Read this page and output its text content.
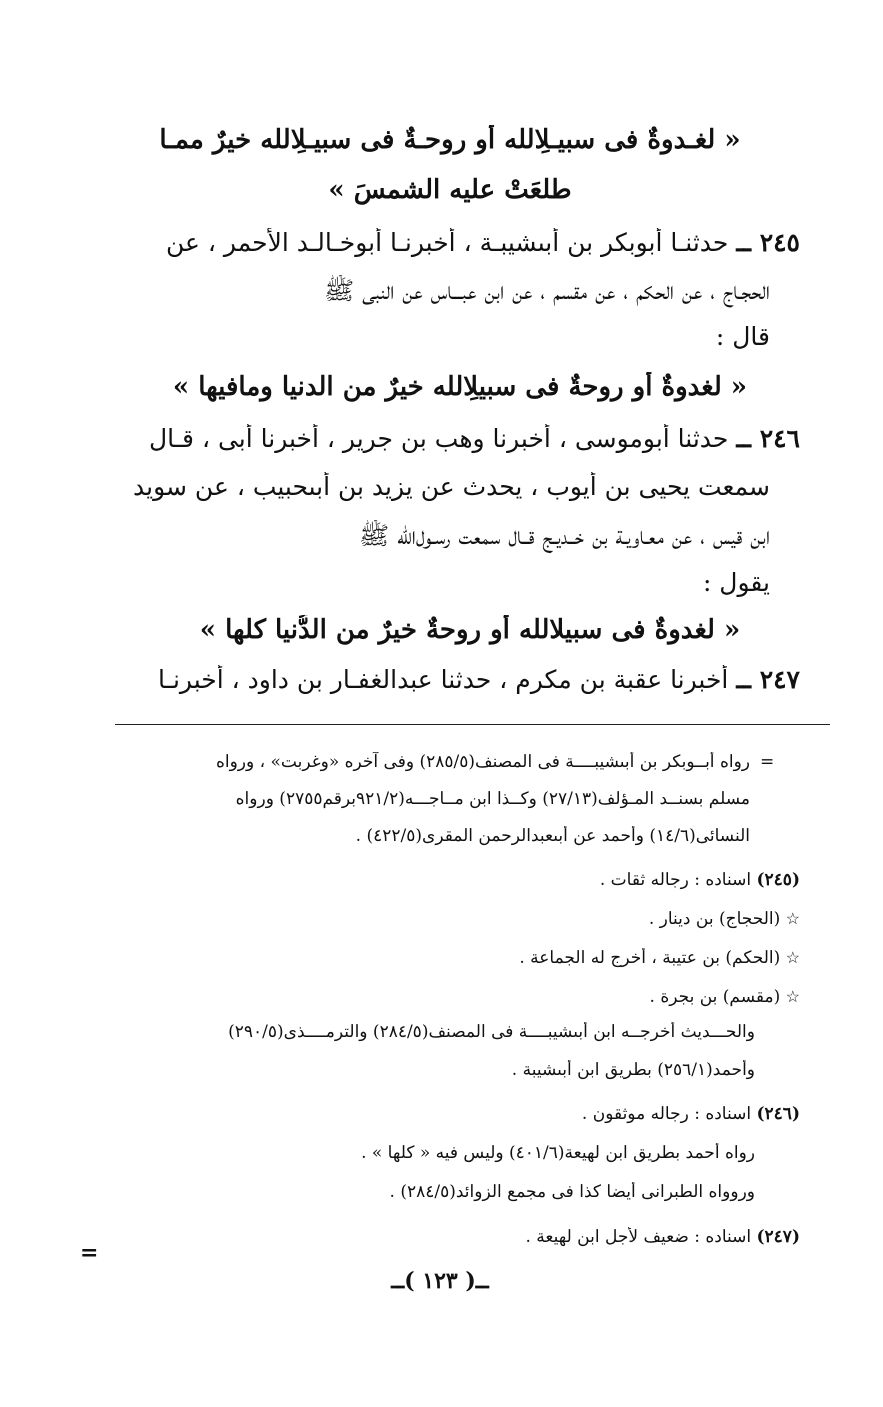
« لغـدوةٌ فى سبيـلِالله أو روحـةٌ فى سبيـلِالله خيرٌ ممـا
طلعَتْ عليه الشمسَ »
٢٤٥ ــ حدثنـا أبوبكر بن أبىشيبـة ، أخبرنـا أبوخـالـد الأحمر ، عن
الحجـاج ، عن الحكم ، عن مقسم ، عن ابن عبـــاس عن النبى ﷺ
قال :
« لغدوةٌ أو روحةٌ فى سبيلِالله خيرٌ من الدنيا ومافيها »
٢٤٦ ــ حدثنا أبوموسى ، أخبرنا وهب بن جرير ، أخبرنا أبى ، قـال
سمعت يحيى بن أيوب ، يحدث عن يزيد بن أبىحبيب ، عن سويد
ابن قيس ، عن معـاويـة بن خــديـج قــال سمعت رسـول‌الله ﷺ
يقول :
« لغدوةٌ فى سبيلالله أو روحةٌ خيرٌ من الدُّنيا كلها »
٢٤٧ ــ أخبرنا عقبة بن مكرم ، حدثنا عبدالغفـار بن داود ، أخبرنـا
=
رواه أبــوبكر بن أبىشيبــــة فى المصنف(٢٨٥/٥) وفى آخره «وغربت» ، ورواه
مسلم بسنــد المـؤلف(٢٧/١٣) وكــذا ابن مــاجـــه(٩٢١/٢برقم٢٧٥٥) ورواه
النسائى(١٤/٦) وأحمد عن أبىعبدالرحمن المقرى(٤٢٢/٥) .
(٢٤٥) اسناده : رجاله ثقات .
☆ (الحجاج) بن دينار .
☆ (الحكم) بن عتيبة ، أخرج له الجماعة .
☆ (مقسم) بن بجرة .
والحـــديث أخرجــه ابن أبىشيبــــة فى المصنف(٢٨٤/٥) والترمــــذى(٢٩٠/٥)
وأحمد(٢٥٦/١) بطريق ابن أبىشيبة .
(٢٤٦) اسناده : رجاله موثقون .
رواه أحمد بطريق ابن لهيعة(٤٠١/٦) وليس فيه « كلها » .
وروواه الطبرانى أيضا كذا فى مجمع الزوائد(٢٨٤/٥) .
(٢٤٧) اسناده : ضعيف لأجل ابن لهيعة .
=
ــ( ١٢٣ )ــ
